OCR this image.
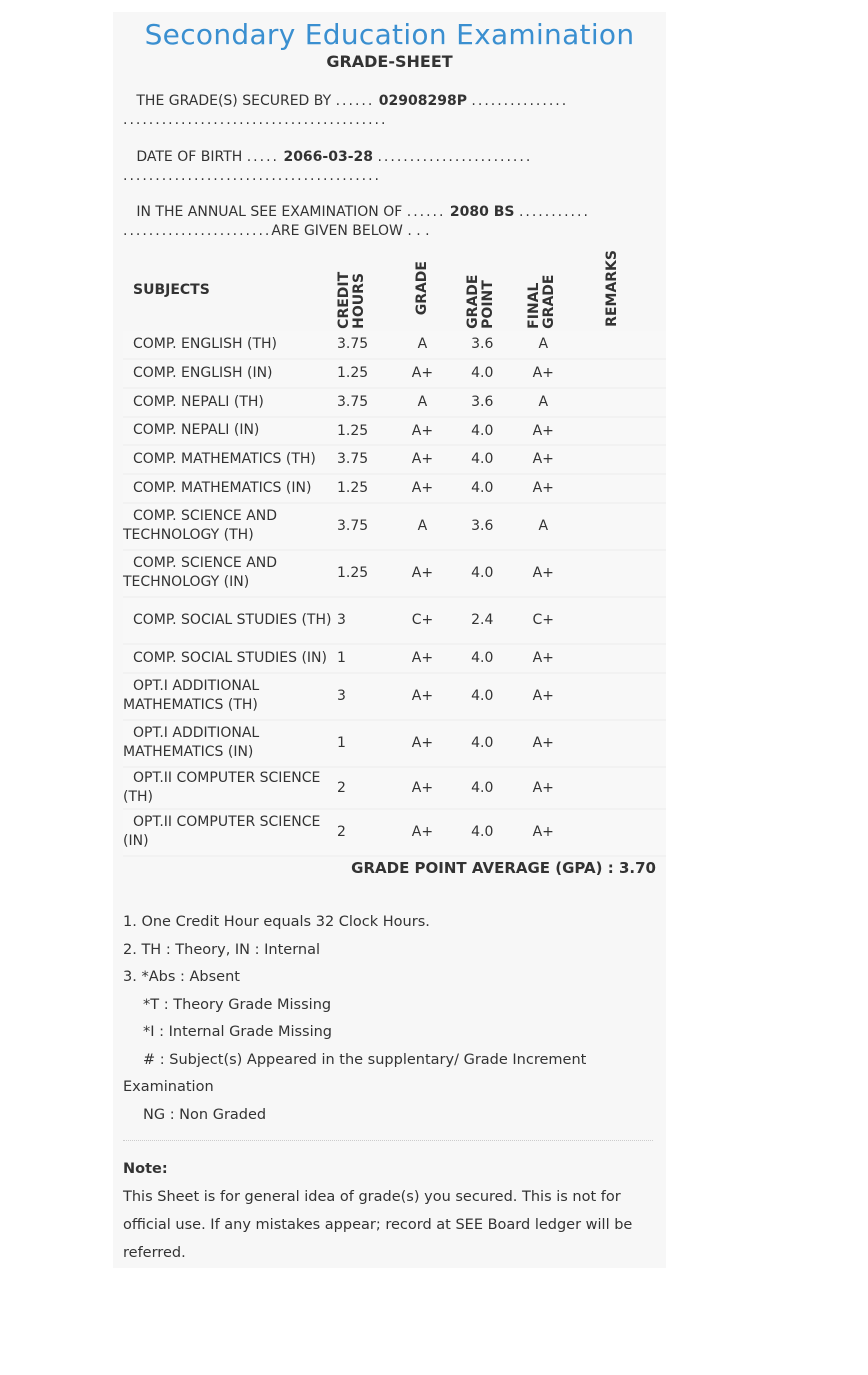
Secondary Education Examination
GRADE-SHEET
THE GRADE(S) SECURED BY ...... 02908298P ...............
.........................................
DATE OF BIRTH ..... 2066-03-28 ........................
........................................
IN THE ANNUAL SEE EXAMINATION OF ...... 2080 BS ...........
.......................ARE GIVEN BELOW . . .
SUBJECTS	CREDIT HOURS	GRADE	GRADE POINT	FINAL GRADE	REMARKS
COMP. ENGLISH (TH)	3.75	A	3.6	A	
COMP. ENGLISH (IN)	1.25	A+	4.0	A+	
COMP. NEPALI (TH)	3.75	A	3.6	A	
COMP. NEPALI (IN)	1.25	A+	4.0	A+	
COMP. MATHEMATICS (TH)	3.75	A+	4.0	A+	
COMP. MATHEMATICS (IN)	1.25	A+	4.0	A+	
COMP. SCIENCE AND TECHNOLOGY (TH)	3.75	A	3.6	A	
COMP. SCIENCE AND TECHNOLOGY (IN)	1.25	A+	4.0	A+	
COMP. SOCIAL STUDIES (TH)	3	C+	2.4	C+	
COMP. SOCIAL STUDIES (IN)	1	A+	4.0	A+	
OPT.I ADDITIONAL MATHEMATICS (TH)	3	A+	4.0	A+	
OPT.I ADDITIONAL MATHEMATICS (IN)	1	A+	4.0	A+	
OPT.II COMPUTER SCIENCE (TH)	2	A+	4.0	A+	
OPT.II COMPUTER SCIENCE (IN)	2	A+	4.0	A+	
GRADE POINT AVERAGE (GPA) : 3.70
1. One Credit Hour equals 32 Clock Hours.
2. TH : Theory, IN : Internal
3. *Abs : Absent
*T : Theory Grade Missing
*I : Internal Grade Missing
# : Subject(s) Appeared in the supplentary/ Grade Increment
Examination
NG : Non Graded
Note:
This Sheet is for general idea of grade(s) you secured. This is not for official use. If any mistakes appear; record at SEE Board ledger will be referred.
